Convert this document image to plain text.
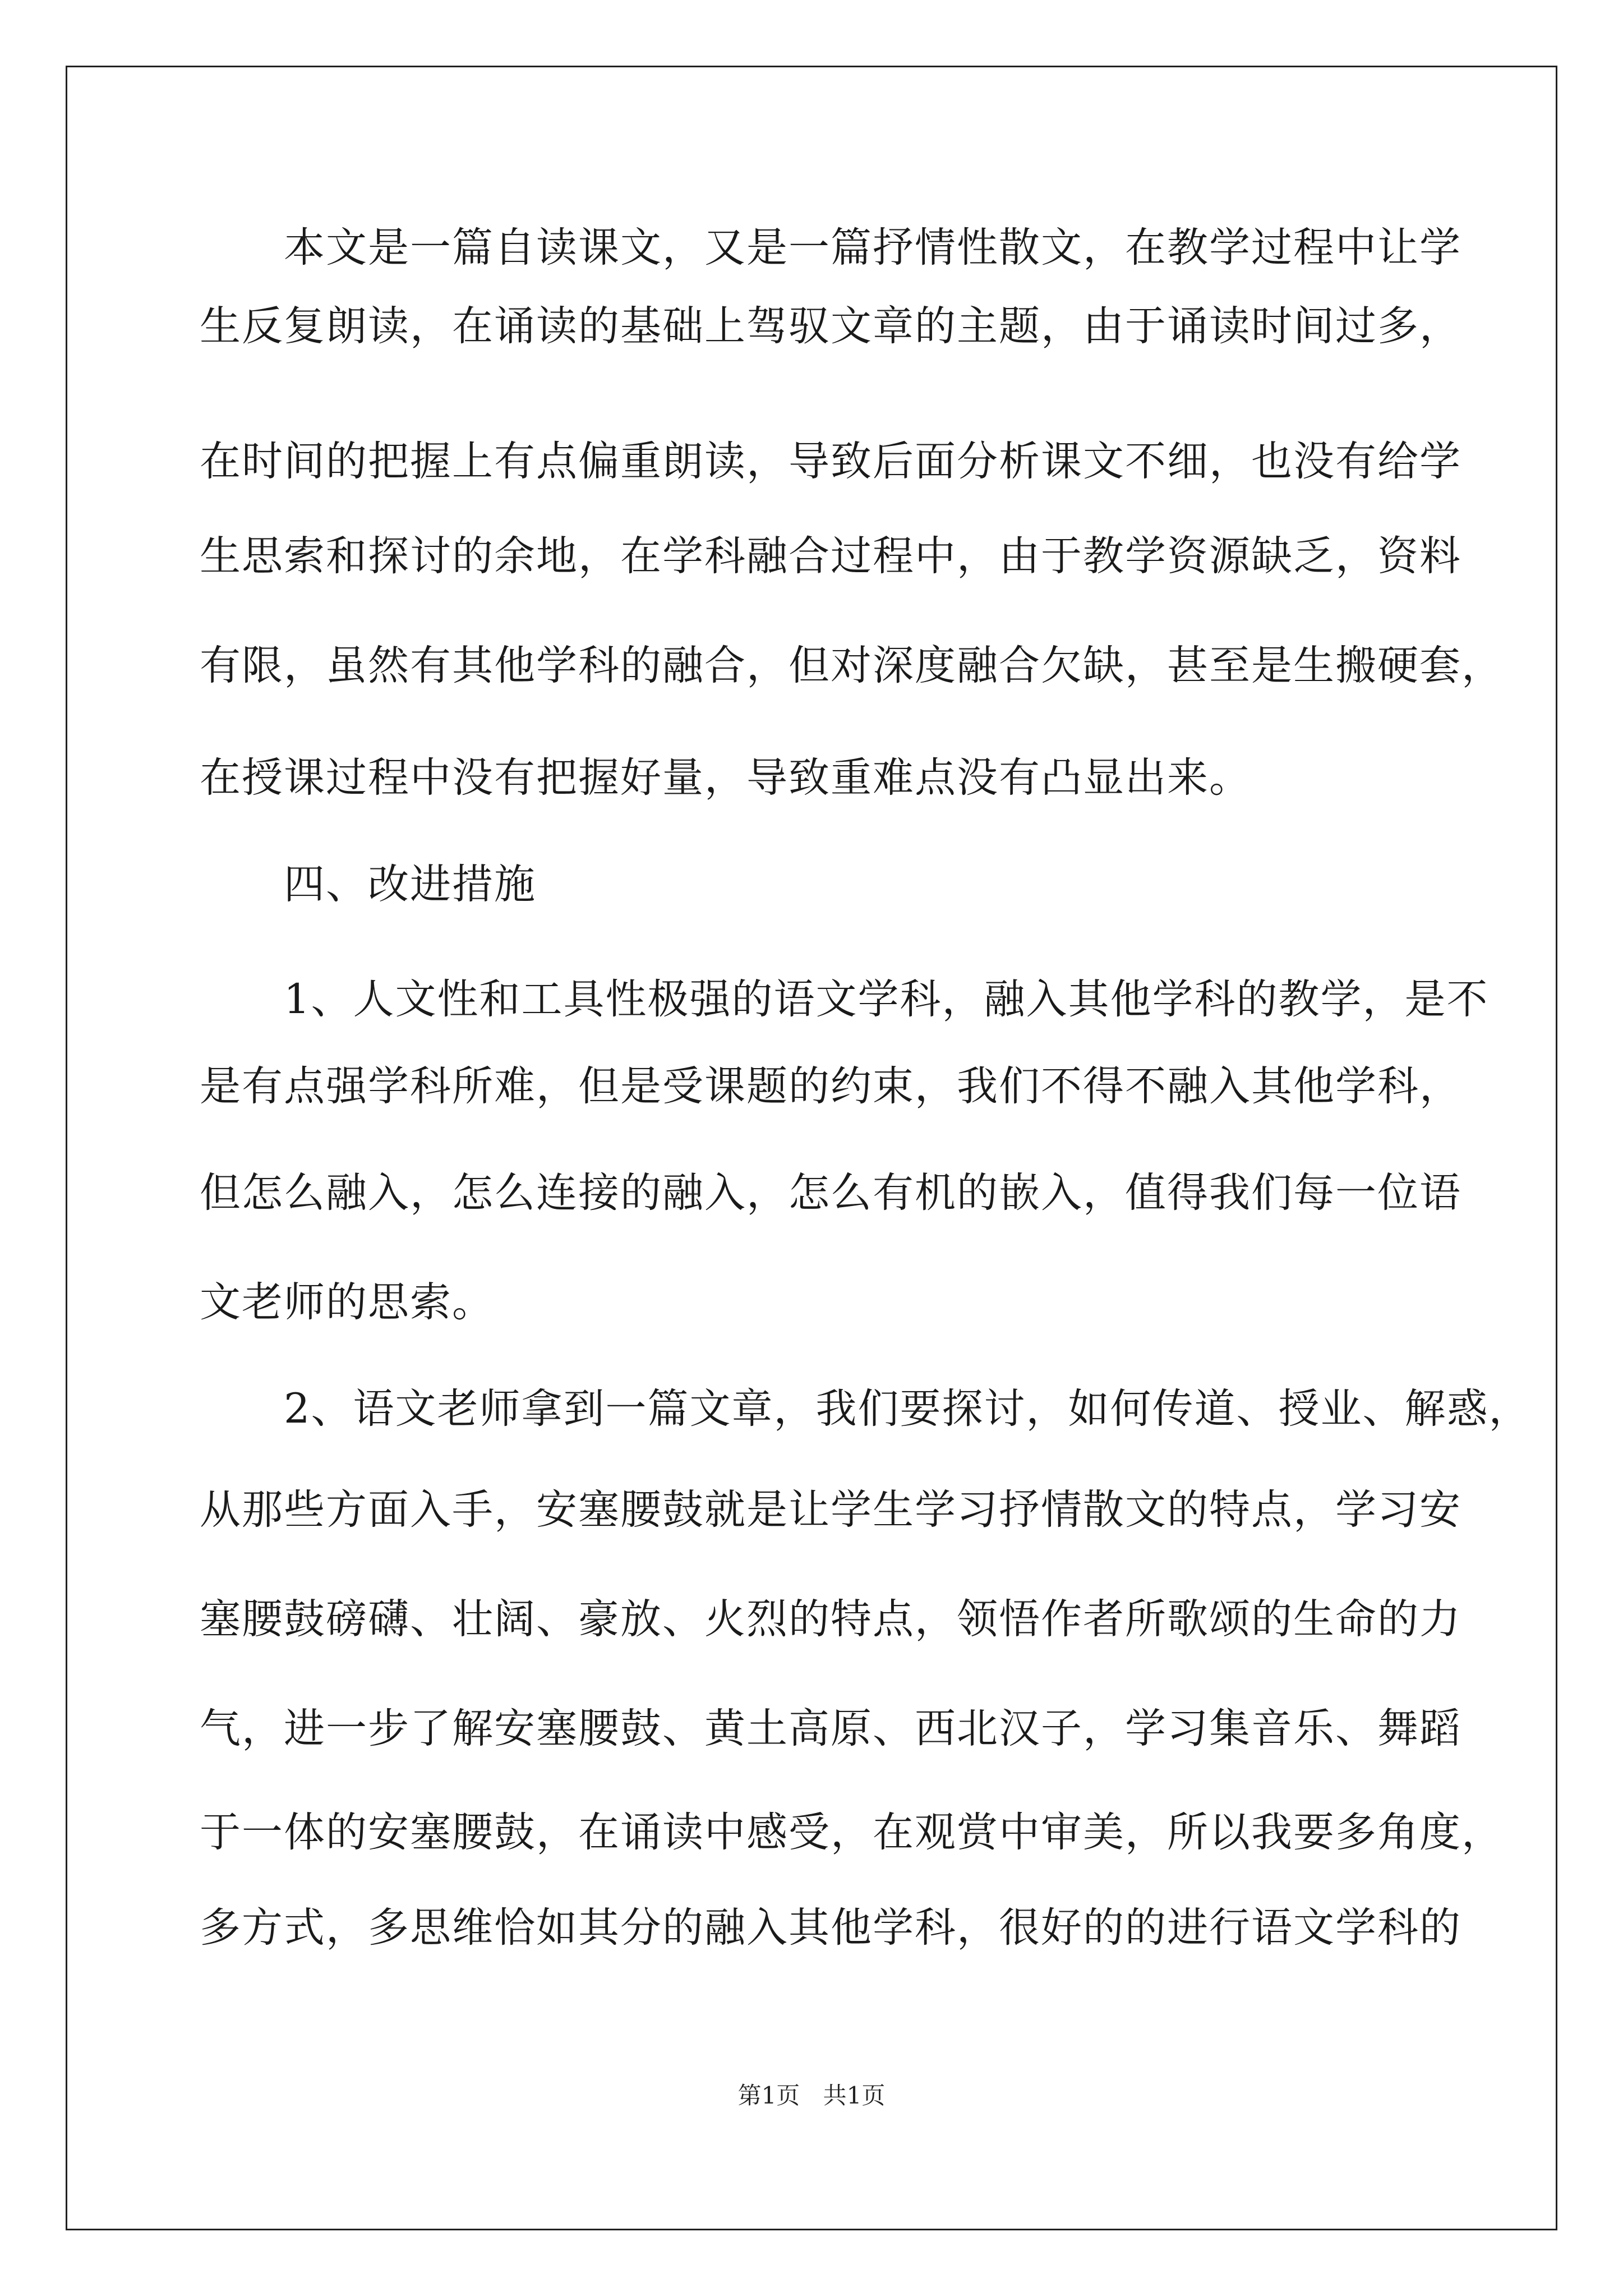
　　本文是一篇自读课文，又是一篇抒情性散文，在教学过程中让学

生反复朗读，在诵读的基础上驾驭文章的主题，由于诵读时间过多，

在时间的把握上有点偏重朗读，导致后面分析课文不细，也没有给学

生思索和探讨的余地，在学科融合过程中，由于教学资源缺乏，资料

有限，虽然有其他学科的融合，但对深度融合欠缺，甚至是生搬硬套，

在授课过程中没有把握好量，导致重难点没有凸显出来。

　　四、改进措施

　　1、人文性和工具性极强的语文学科，融入其他学科的教学，是不

是有点强学科所难，但是受课题的约束，我们不得不融入其他学科，

但怎么融入，怎么连接的融入，怎么有机的嵌入，值得我们每一位语

文老师的思索。

　　2、语文老师拿到一篇文章，我们要探讨，如何传道、授业、解惑，

从那些方面入手，安塞腰鼓就是让学生学习抒情散文的特点，学习安

塞腰鼓磅礴、壮阔、豪放、火烈的特点，领悟作者所歌颂的生命的力

气，进一步了解安塞腰鼓、黄土高原、西北汉子，学习集音乐、舞蹈

于一体的安塞腰鼓，在诵读中感受，在观赏中审美，所以我要多角度，

多方式，多思维恰如其分的融入其他学科，很好的的进行语文学科的

第1页 共1页
